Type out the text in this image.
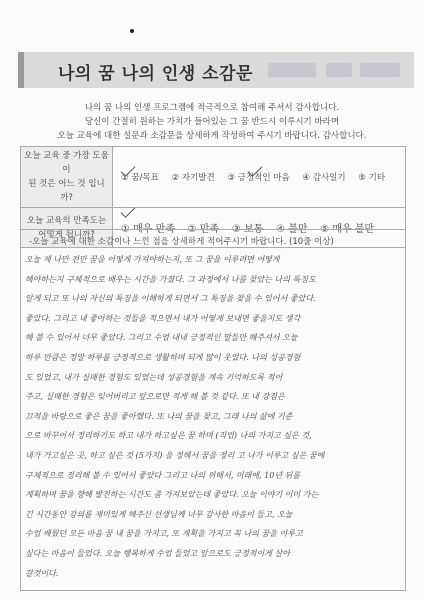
나의 꿈 나의 인생 소감문
나의 꿈 나의 인생 프로그램에 적극적으로 참여해 주셔서 감사합니다.
당신이 간절히 원하는 가치가 들어있는 그 꿈 반드시 이루시기 바라며
오늘 교육에 대한 설문과 소감문을 상세하게 작성하여 주시기 바랍니다. 감사합니다.
오늘 교육 중 가장 도움이
된 것은 어느 것 입니까?	① 꿈/목표 ② 자기발견 ③ 긍정적인 마음 ④ 감사일기 ⑤ 기타

오늘 교육의 만족도는
어떻게 됩니까?	① 매우 만족 ② 만족 ③ 보통 ④ 불만 ⑤ 매우 불만
-오늘 교육에 대한 소감이나 느낀 점을 상세하게 적어주시기 바랍니다. (10줄 이상)
오늘 제 나만 전만 꿈을 어떻게 가져야하는지, 또 그 꿈을 이루려면 어떻게
해야하는지 구체적으로 배우는 시간을 가졌다. 그 과정에서 나를 찾았는 나의 특징도
알게 되고 또 나의 자신의 특징을 이해하게 되면서 그 특징을 찾을 수 있어서 좋았다.
좋았다. 그리고 내 좋아하는 것들을 적으면서 내가 어떻게 보내면 좋을지도 생각
해 볼 수 있어서 너무 좋았다. 그리고 수업 내내 긍정적인 말들만 해주셔서 오늘
하루 만큼은 정말 하루를 긍정적으로 생활하며 되게 많이 웃었다. 나의 성공경험
도 있었고, 내가 실패한 경험도 있었는데 성공경험을 계속 기억하도록 적어
주고, 실패한 경험은 잊어버리고 앞으로만 적게 해 볼 것 같다. 또 내 강점은
끄적을 바탕으로 좋은 꿈을 좋아했다. 또 나의 꿈을 찾고, 그래 나의 삶에 기준
으로 바꾸어서 정리하기도 하고 내가 하고싶은 꿈 하며 (직업) 나의 가지고 싶은 것,
내가 가고싶은 곳, 하고 싶은 것 (5가지) 을 정해서 꿈을 정리 고 나가 이루고 싶은 꿈에
구체적으로 정리해 볼 수 있어서 좋았다 그리고 나의 위해서, 미래에, 10년 뒤를
계획하며 꿈을 향해 발전하는 시간도 좀 가져보았는데 좋았다. 오늘 이야기 이미 가는
긴 시간동안 강의를 재미있게 해주신 선생님께 너무 감사한 마음이 들고, 오늘
수업 배웠던 모든 마음 꿈 내 꿈을 가지고, 또 계획을 가지고 꼭 나의 꿈을 이루고
싶다는 마음이 들었다. 오늘 행복하게 수업 들었고 앞으로도 긍정적이게 살아
갈것이다.
